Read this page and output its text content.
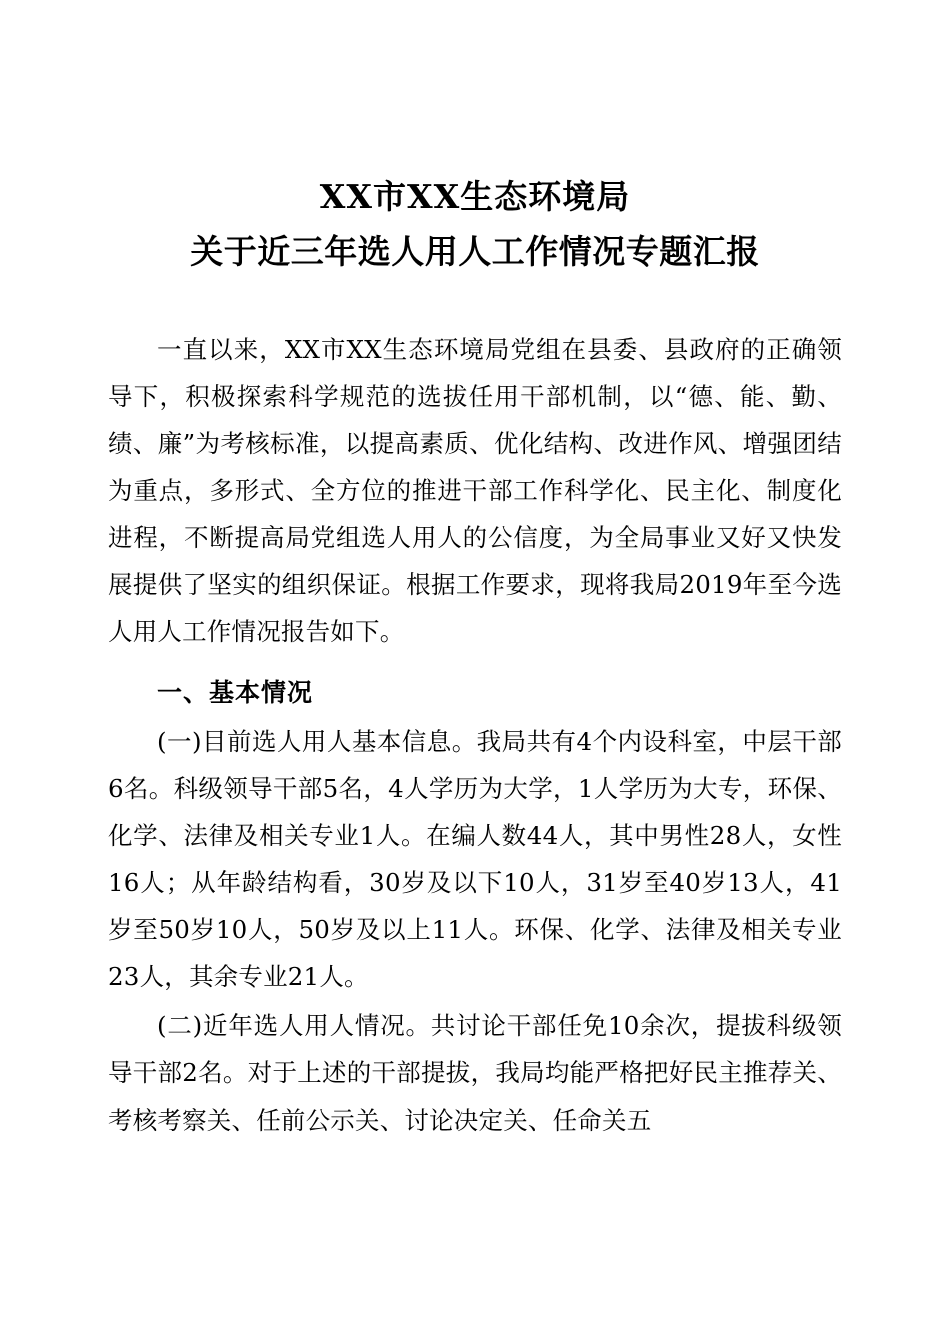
XX市XX生态环境局
关于近三年选人用人工作情况专题汇报

一直以来，XX市XX生态环境局党组在县委、县政府的正确领导下，积极探索科学规范的选拔任用干部机制，以“德、能、勤、绩、廉”为考核标准，以提高素质、优化结构、改进作风、增强团结为重点，多形式、全方位的推进干部工作科学化、民主化、制度化进程，不断提高局党组选人用人的公信度，为全局事业又好又快发展提供了坚实的组织保证。根据工作要求，现将我局2019年至今选人用人工作情况报告如下。

一、基本情况

(一)目前选人用人基本信息。我局共有4个内设科室，中层干部6名。科级领导干部5名，4人学历为大学，1人学历为大专，环保、化学、法律及相关专业1人。在编人数44人，其中男性28人，女性16人；从年龄结构看，30岁及以下10人，31岁至40岁13人，41岁至50岁10人，50岁及以上11人。环保、化学、法律及相关专业23人，其余专业21人。

(二)近年选人用人情况。共讨论干部任免10余次，提拔科级领导干部2名。对于上述的干部提拔，我局均能严格把好民主推荐关、考核考察关、任前公示关、讨论决定关、任命关五
